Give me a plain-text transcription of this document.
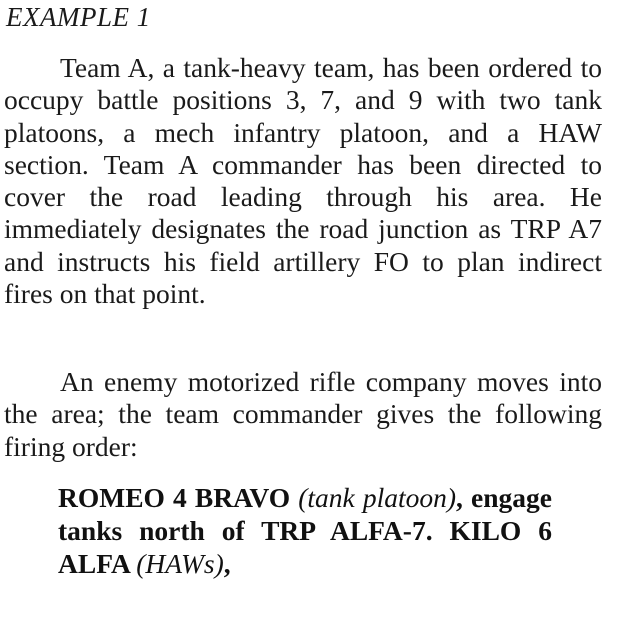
EXAMPLE 1

Team A, a tank-heavy team, has been ordered to occupy battle positions 3, 7, and 9 with two tank platoons, a mech infantry platoon, and a HAW section. Team A commander has been directed to cover the road leading through his area. He immediately designates the road junction as TRP A7 and instructs his field artillery FO to plan indirect fires on that point.

An enemy motorized rifle company moves into the area; the team commander gives the following firing order:

ROMEO 4 BRAVO (tank platoon), engage tanks north of TRP ALFA-7. KILO 6 ALFA (HAWs),
